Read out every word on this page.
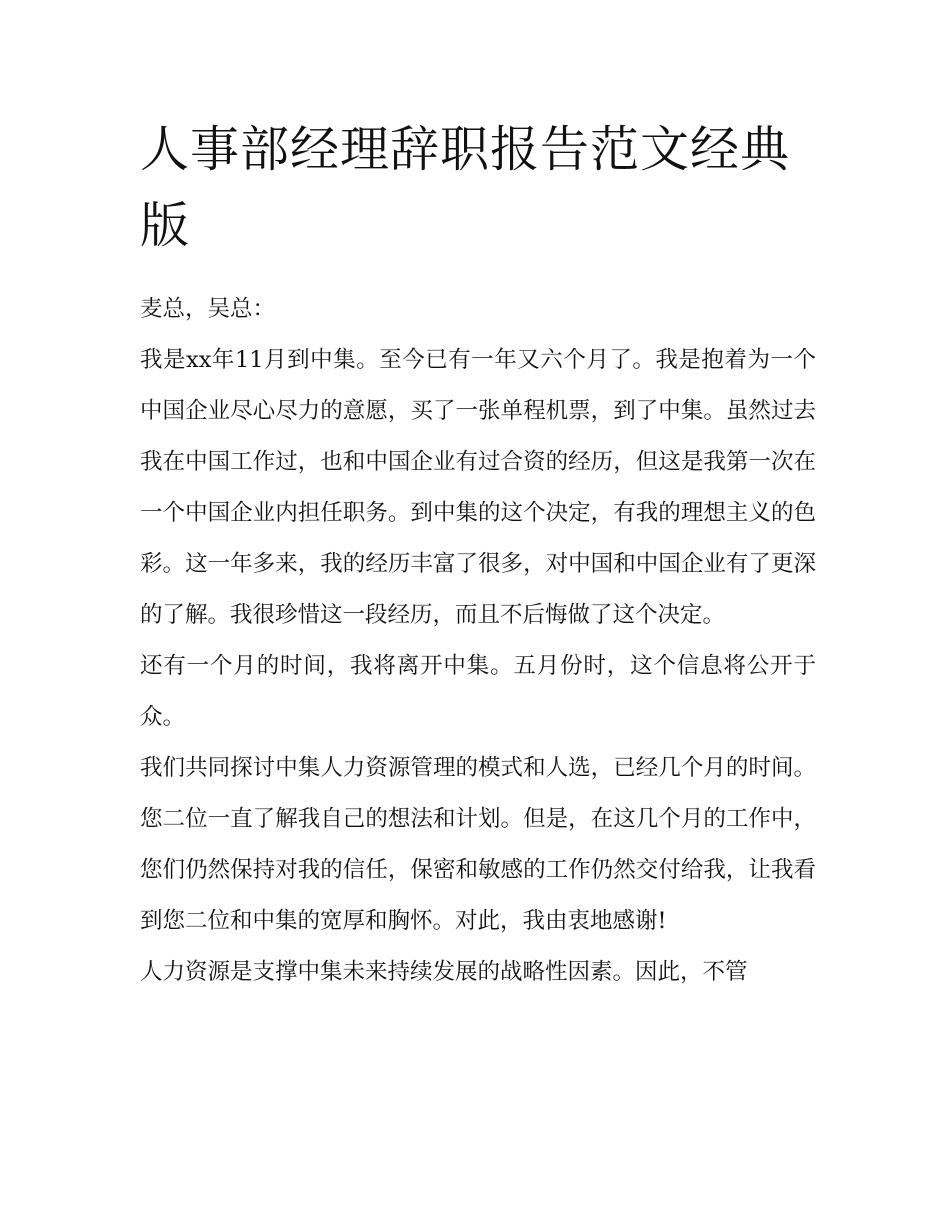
人事部经理辞职报告范文经典版

麦总，吴总：

我是xx年11月到中集。至今已有一年又六个月了。我是抱着为一个中国企业尽心尽力的意愿，买了一张单程机票，到了中集。虽然过去我在中国工作过，也和中国企业有过合资的经历，但这是我第一次在一个中国企业内担任职务。到中集的这个决定，有我的理想主义的色彩。这一年多来，我的经历丰富了很多，对中国和中国企业有了更深的了解。我很珍惜这一段经历，而且不后悔做了这个决定。

还有一个月的时间，我将离开中集。五月份时，这个信息将公开于众。

我们共同探讨中集人力资源管理的模式和人选，已经几个月的时间。您二位一直了解我自己的想法和计划。但是，在这几个月的工作中，您们仍然保持对我的信任，保密和敏感的工作仍然交付给我，让我看到您二位和中集的宽厚和胸怀。对此，我由衷地感谢!

人力资源是支撑中集未来持续发展的战略性因素。因此，不管
